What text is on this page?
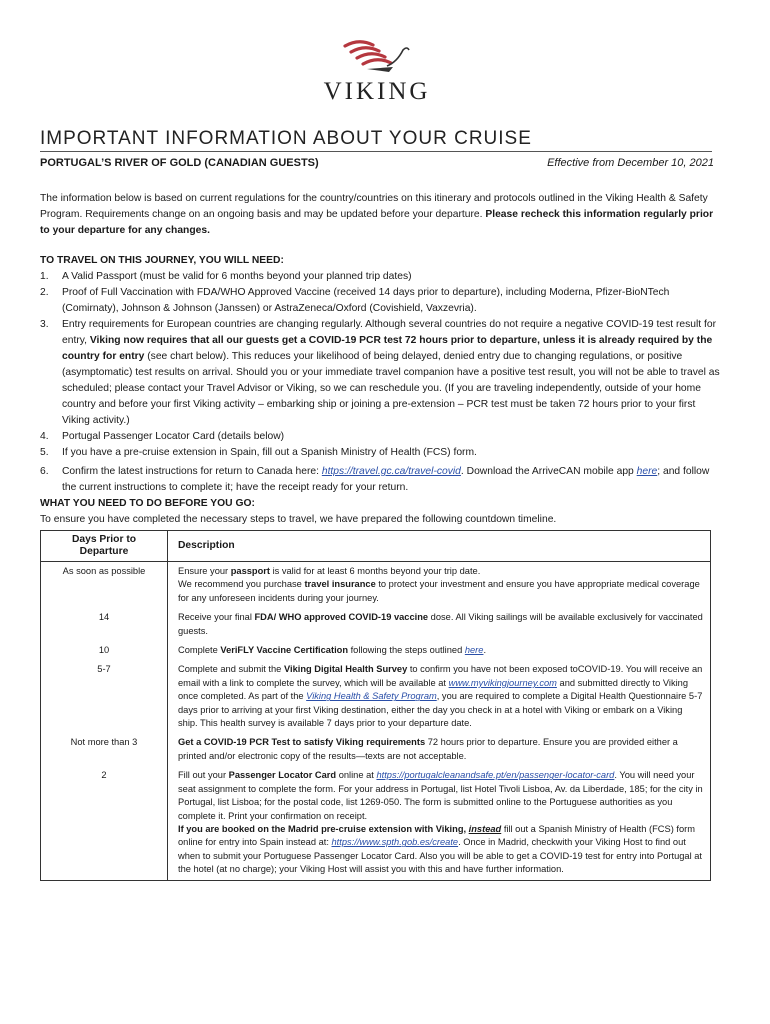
VIKING
IMPORTANT INFORMATION ABOUT YOUR CRUISE
PORTUGAL’S RIVER OF GOLD (CANADIAN GUESTS)	Effective from December 10, 2021

The information below is based on current regulations for the country/countries on this itinerary and protocols outlined in the Viking Health & Safety Program. Requirements change on an ongoing basis and may be updated before your departure. Please recheck this information regularly prior to your departure for any changes.

TO TRAVEL ON THIS JOURNEY, YOU WILL NEED:

1. A Valid Passport (must be valid for 6 months beyond your planned trip dates)
2. Proof of Full Vaccination with FDA/WHO Approved Vaccine (received 14 days prior to departure), including Moderna, Pfizer-BioNTech (Comirnaty), Johnson & Johnson (Janssen) or AstraZeneca/Oxford (Covishield, Vaxzevria).
3. Entry requirements for European countries are changing regularly. Although several countries do not require a negative COVID-19 test result for entry, Viking now requires that all our guests get a COVID-19 PCR test 72 hours prior to departure, unless it is already required by the country for entry (see chart below). This reduces your likelihood of being delayed, denied entry due to changing regulations, or positive (asymptomatic) test results on arrival. Should you or your immediate travel companion have a positive test result, you will not be able to travel as scheduled; please contact your Travel Advisor or Viking, so we can reschedule you. (If you are traveling independently, outside of your home country and before your first Viking activity – embarking ship or joining a pre-extension – PCR test must be taken 72 hours prior to your first Viking activity.)
4. Portugal Passenger Locator Card (details below)
5. If you have a pre-cruise extension in Spain, fill out a Spanish Ministry of Health (FCS) form.
6. Confirm the latest instructions for return to Canada here: https://travel.gc.ca/travel-covid. Download the ArriveCAN mobile app here; and follow the current instructions to complete it; have the receipt ready for your return.

WHAT YOU NEED TO DO BEFORE YOU GO:

To ensure you have completed the necessary steps to travel, we have prepared the following countdown timeline.

Days Prior to Departure	Description
As soon as possible	Ensure your passport is valid for at least 6 months beyond your trip date.
We recommend you purchase travel insurance to protect your investment and ensure you have appropriate medical coverage for any unforeseen incidents during your journey.
14	Receive your final FDA/ WHO approved COVID-19 vaccine dose. All Viking sailings will be available exclusively for vaccinated guests.
10	Complete VeriFLY Vaccine Certification following the steps outlined here.
5-7	Complete and submit the Viking Digital Health Survey to confirm you have not been exposed toCOVID-19. You will receive an email with a link to complete the survey, which will be available at www.myvikingjourney.com and submitted directly to Viking once completed. As part of the Viking Health & Safety Program, you are required to complete a Digital Health Questionnaire 5-7 days prior to arriving at your first Viking destination, either the day you check in at a hotel with Viking or embark on a Viking ship. This health survey is available 7 days prior to your departure date.
Not more than 3	Get a COVID-19 PCR Test to satisfy Viking requirements 72 hours prior to departure. Ensure you are provided either a printed and/or electronic copy of the results—texts are not acceptable.
2	Fill out your Passenger Locator Card online at https://portugalcleanandsafe.pt/en/passenger-locator-card. You will need your seat assignment to complete the form. For your address in Portugal, list Hotel Tivoli Lisboa, Av. da Liberdade, 185; for the city in Portugal, list Lisboa; for the postal code, list 1269-050. The form is submitted online to the Portuguese authorities as you complete it. Print your confirmation on receipt.
If you are booked on the Madrid pre-cruise extension with Viking, instead fill out a Spanish Ministry of Health (FCS) form online for entry into Spain instead at: https://www.spth.gob.es/create. Once in Madrid, checkwith your Viking Host to find out when to submit your Portuguese Passenger Locator Card. Also you will be able to get a COVID-19 test for entry into Portugal at the hotel (at no charge); your Viking Host will assist you with this and have further information.
